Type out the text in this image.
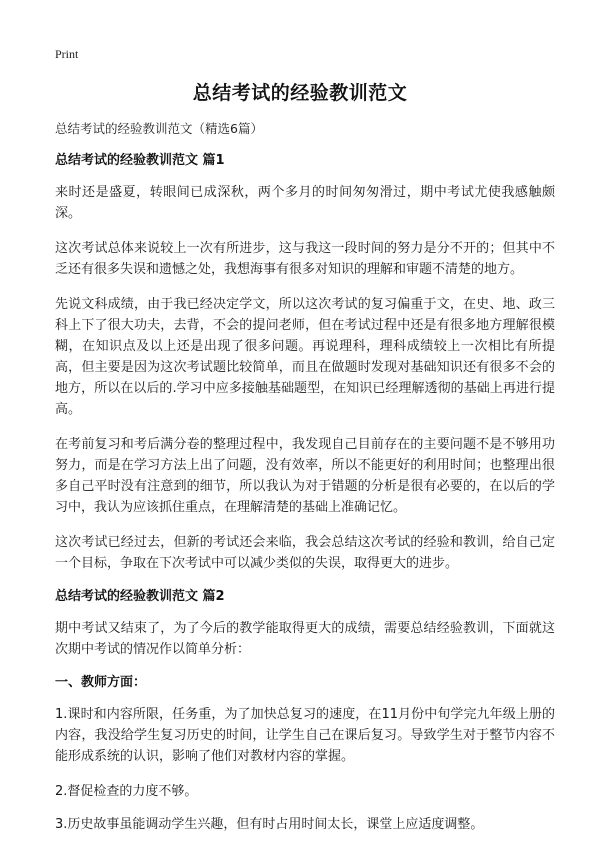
Print
总结考试的经验教训范文
总结考试的经验教训范文（精选6篇）
总结考试的经验教训范文 篇1

来时还是盛夏，转眼间已成深秋，两个多月的时间匆匆滑过，期中考试尤使我感触颇深。

这次考试总体来说较上一次有所进步，这与我这一段时间的努力是分不开的；但其中不乏还有很多失误和遗憾之处，我想海事有很多对知识的理解和审题不清楚的地方。

先说文科成绩，由于我已经决定学文，所以这次考试的复习偏重于文，在史、地、政三科上下了很大功夫，去背，不会的提问老师，但在考试过程中还是有很多地方理解很模糊，在知识点及以上还是出现了很多问题。再说理科，理科成绩较上一次相比有所提高，但主要是因为这次考试题比较简单，而且在做题时发现对基础知识还有很多不会的地方，所以在以后的.学习中应多接触基础题型，在知识已经理解透彻的基础上再进行提高。

在考前复习和考后满分卷的整理过程中，我发现自己目前存在的主要问题不是不够用功努力，而是在学习方法上出了问题，没有效率，所以不能更好的利用时间；也整理出很多自己平时没有注意到的细节，所以我认为对于错题的分析是很有必要的，在以后的学习中，我认为应该抓住重点，在理解清楚的基础上准确记忆。

这次考试已经过去，但新的考试还会来临，我会总结这次考试的经验和教训，给自己定一个目标，争取在下次考试中可以减少类似的失误，取得更大的进步。

总结考试的经验教训范文 篇2

期中考试又结束了，为了今后的教学能取得更大的成绩，需要总结经验教训，下面就这次期中考试的情况作以简单分析：

一、教师方面：

1.课时和内容所限，任务重，为了加快总复习的速度，在11月份中旬学完九年级上册的内容，我没给学生复习历史的时间，让学生自己在课后复习。导致学生对于整节内容不能形成系统的认识，影响了他们对教材内容的掌握。

2.督促检查的力度不够。

3.历史故事虽能调动学生兴趣，但有时占用时间太长，课堂上应适度调整。
